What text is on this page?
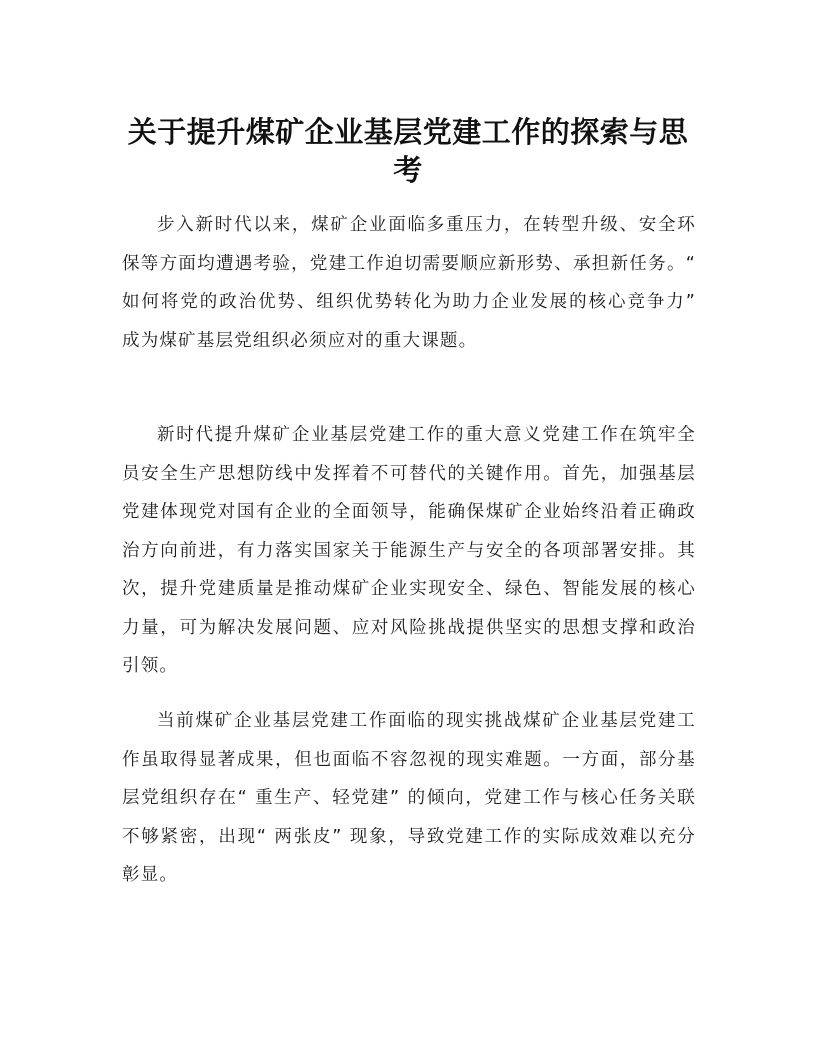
关于提升煤矿企业基层党建工作的探索与思考

步入新时代以来，煤矿企业面临多重压力，在转型升级、安全环保等方面均遭遇考验，党建工作迫切需要顺应新形势、承担新任务。“ 如何将党的政治优势、组织优势转化为助力企业发展的核心竞争力” 成为煤矿基层党组织必须应对的重大课题。

新时代提升煤矿企业基层党建工作的重大意义党建工作在筑牢全员安全生产思想防线中发挥着不可替代的关键作用。首先，加强基层党建体现党对国有企业的全面领导，能确保煤矿企业始终沿着正确政治方向前进，有力落实国家关于能源生产与安全的各项部署安排。其次，提升党建质量是推动煤矿企业实现安全、绿色、智能发展的核心力量，可为解决发展问题、应对风险挑战提供坚实的思想支撑和政治引领。

当前煤矿企业基层党建工作面临的现实挑战煤矿企业基层党建工作虽取得显著成果，但也面临不容忽视的现实难题。一方面，部分基层党组织存在“ 重生产、轻党建” 的倾向，党建工作与核心任务关联不够紧密，出现“ 两张皮” 现象，导致党建工作的实际成效难以充分彰显。
